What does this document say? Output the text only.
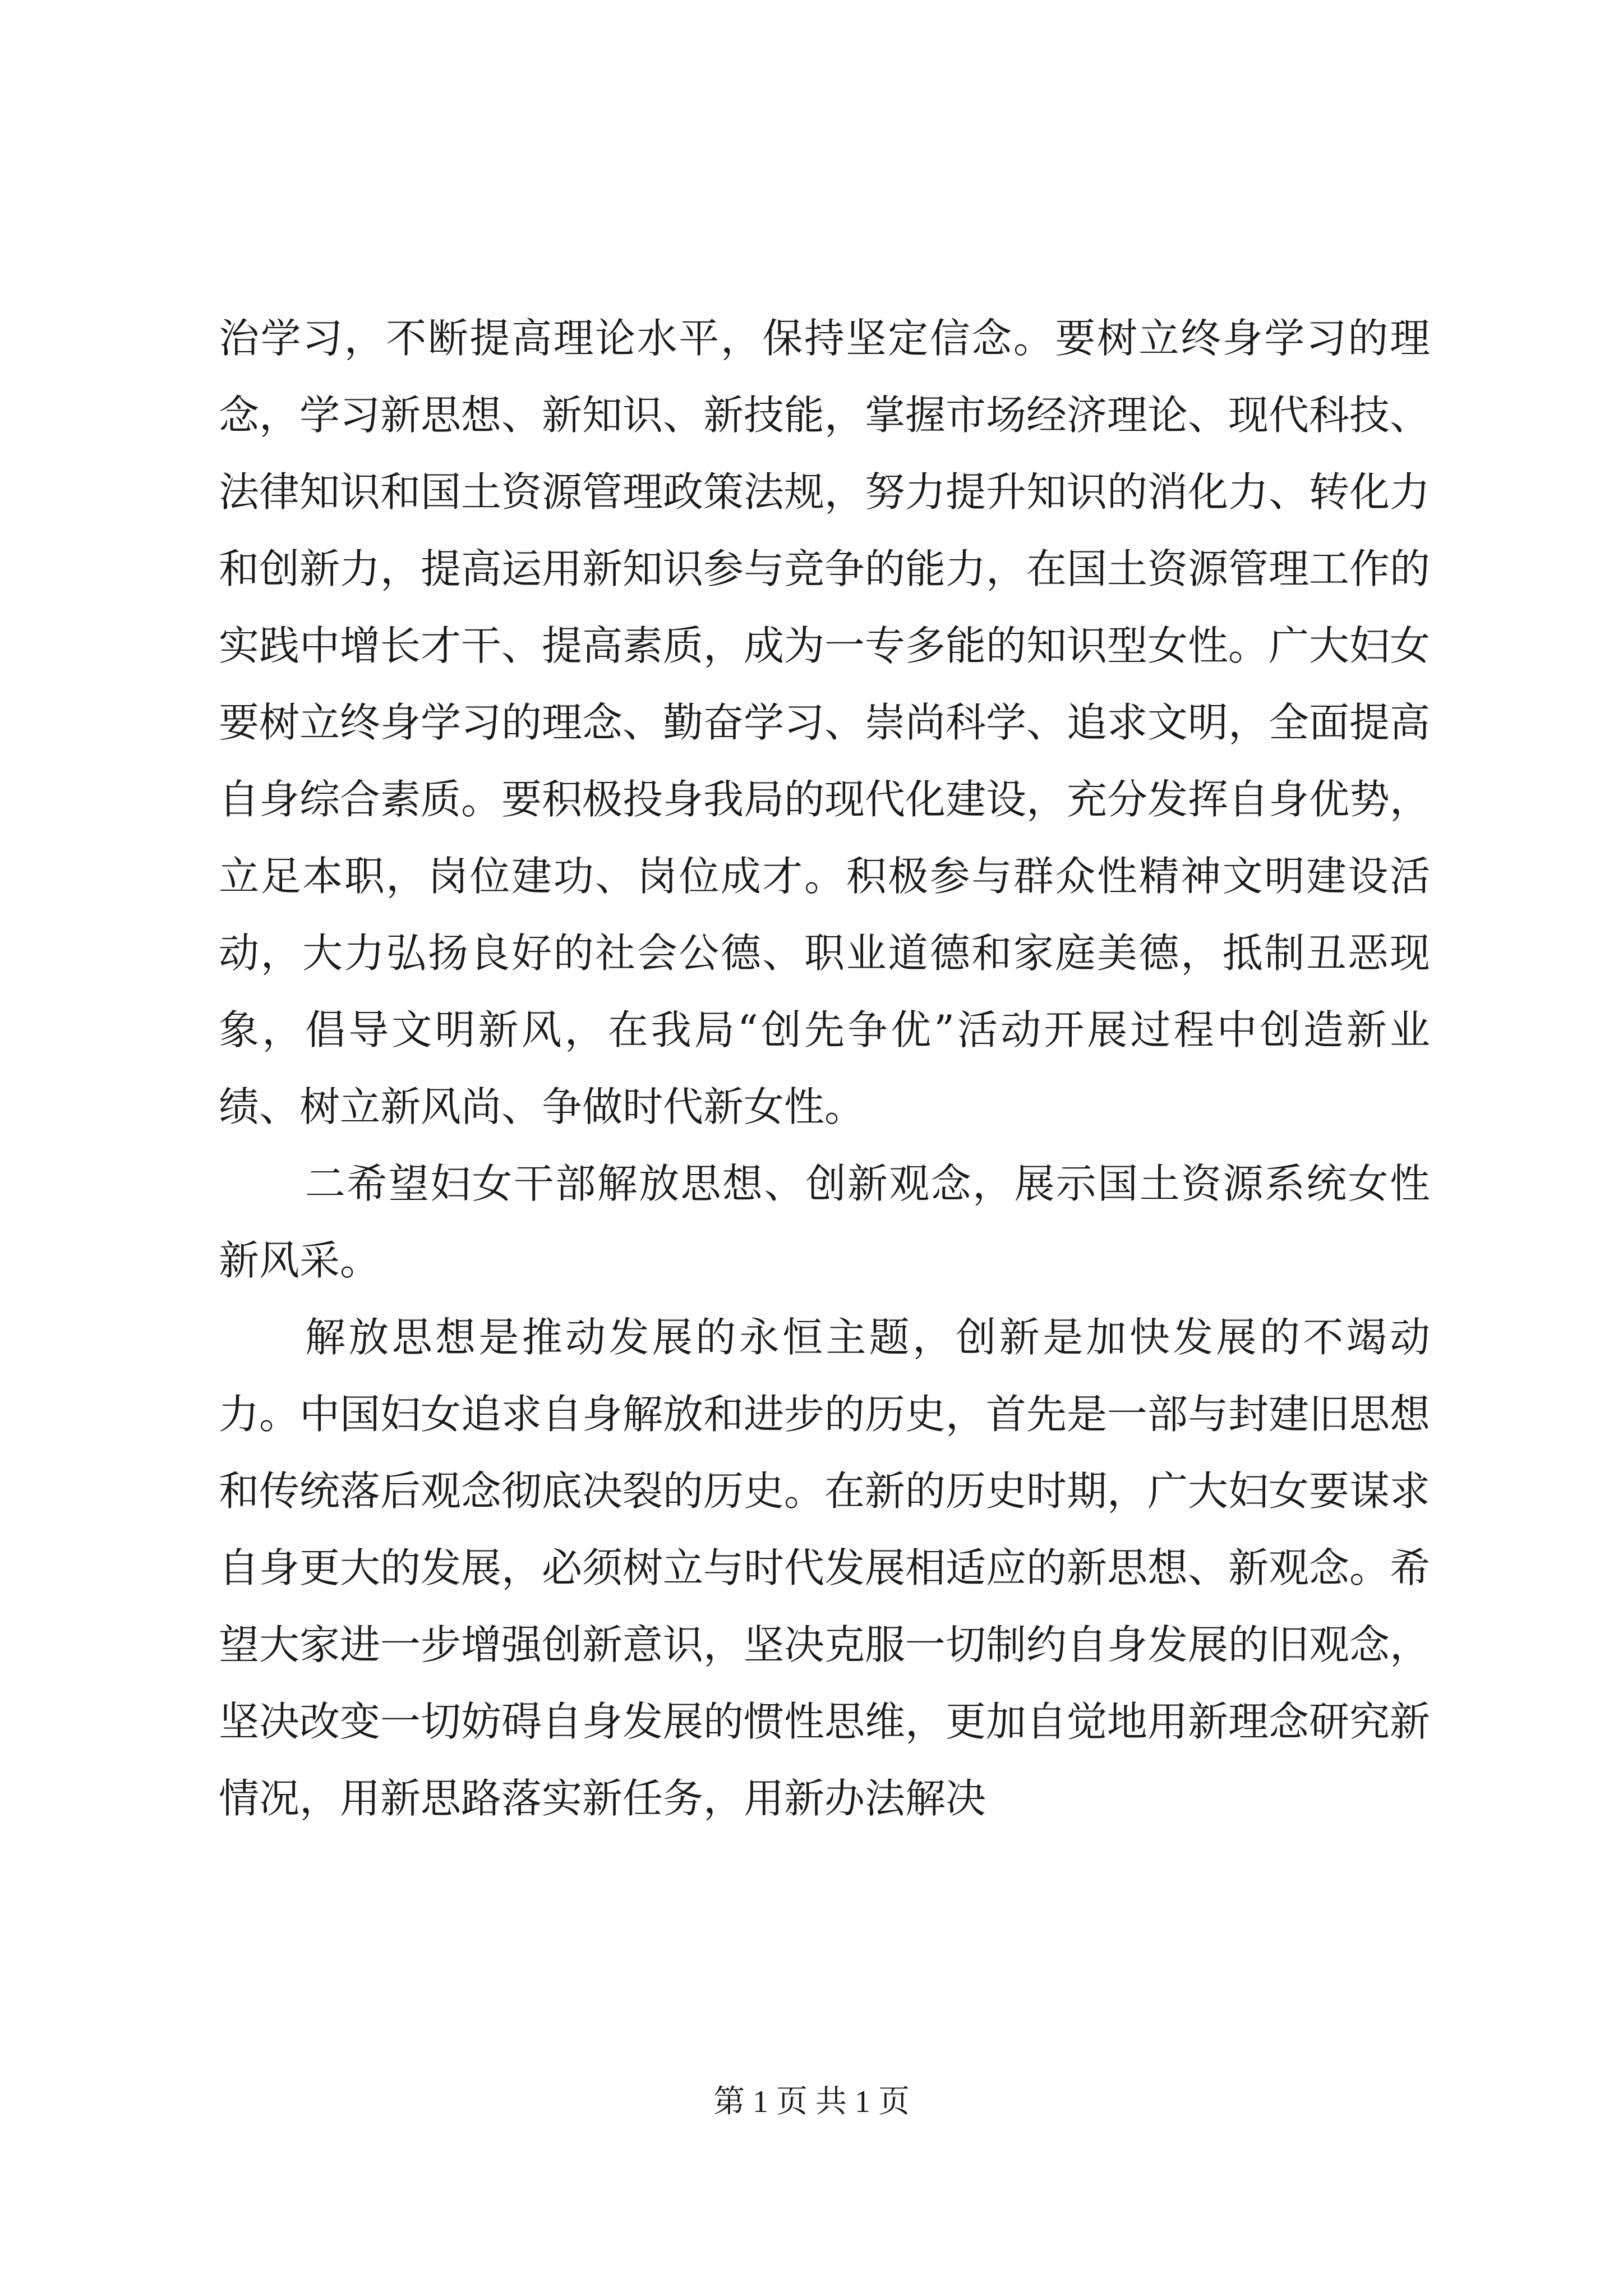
治学习，不断提高理论水平，保持坚定信念。要树立终身学习的理念，学习新思想、新知识、新技能，掌握市场经济理论、现代科技、法律知识和国土资源管理政策法规，努力提升知识的消化力、转化力和创新力，提高运用新知识参与竞争的能力，在国土资源管理工作的实践中增长才干、提高素质，成为一专多能的知识型女性。广大妇女要树立终身学习的理念、勤奋学习、崇尚科学、追求文明，全面提高自身综合素质。要积极投身我局的现代化建设，充分发挥自身优势，立足本职，岗位建功、岗位成才。积极参与群众性精神文明建设活动，大力弘扬良好的社会公德、职业道德和家庭美德，抵制丑恶现象，倡导文明新风，在我局“创先争优”活动开展过程中创造新业绩、树立新风尚、争做时代新女性。

二希望妇女干部解放思想、创新观念，展示国土资源系统女性新风采。

解放思想是推动发展的永恒主题，创新是加快发展的不竭动力。中国妇女追求自身解放和进步的历史，首先是一部与封建旧思想和传统落后观念彻底决裂的历史。在新的历史时期，广大妇女要谋求自身更大的发展，必须树立与时代发展相适应的新思想、新观念。希望大家进一步增强创新意识，坚决克服一切制约自身发展的旧观念，坚决改变一切妨碍自身发展的惯性思维，更加自觉地用新理念研究新情况，用新思路落实新任务，用新办法解决

第 1 页 共 1 页
